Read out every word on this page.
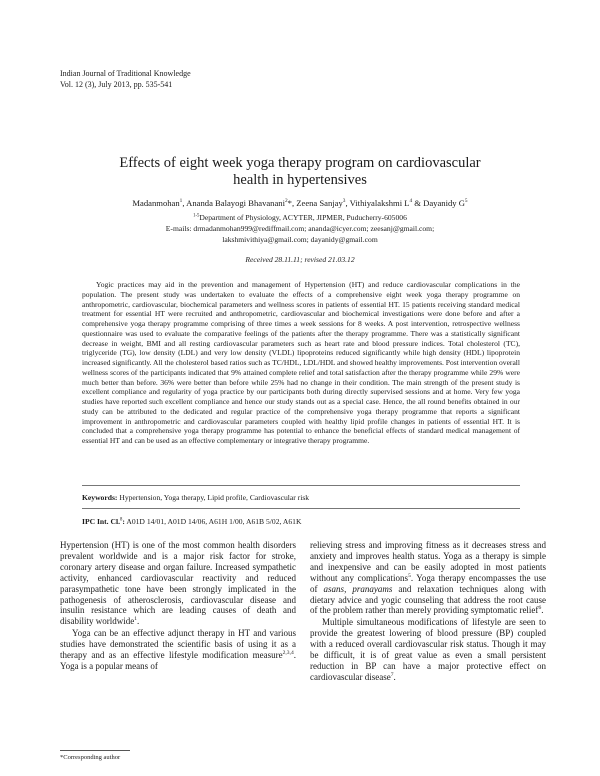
Indian Journal of Traditional Knowledge
Vol. 12 (3), July 2013, pp. 535-541
Effects of eight week yoga therapy program on cardiovascular
health in hypertensives
Madanmohan$^1$, Ananda Balayogi Bhavanani$^2$*, Zeena Sanjay$^3$, Vithiyalakshmi $L^4$ & Dayanidy $G^5$
$^{1-5}$Department of Physiology, ACYTER, JIPMER, Puducherry-605006
E-mails: drmadanmohan999@rediffmail.com; ananda@icyer.com; zeesanj@gmail.com;
lakshmivithiya@gmail.com; dayanidy@gmail.com
Received 28.11.11; revised 21.03.12
Yogic practices may aid in the prevention and management of Hypertension (HT) and reduce cardiovascular complications in the population. The present study was undertaken to evaluate the effects of a comprehensive eight week yoga therapy programme on anthropometric, cardiovascular, biochemical parameters and wellness scores in patients of essential HT. 15 patients receiving standard medical treatment for essential HT were recruited and anthropometric, cardiovascular and biochemical investigations were done before and after a comprehensive yoga therapy programme comprising of three times a week sessions for 8 weeks. A post intervention, retrospective wellness questionnaire was used to evaluate the comparative feelings of the patients after the therapy programme. There was a statistically significant decrease in weight, BMI and all resting cardiovascular parameters such as heart rate and blood pressure indices. Total cholesterol (TC), triglyceride (TG), low density (LDL) and very low density (VLDL) lipoproteins reduced significantly while high density (HDL) lipoprotein increased significantly. All the cholesterol based ratios such as TC/HDL, LDL/HDL and showed healthy improvements. Post intervention overall wellness scores of the participants indicated that 9% attained complete relief and total satisfaction after the therapy programme while 29% were much better than before. 36% were better than before while 25% had no change in their condition. The main strength of the present study is excellent compliance and regularity of yoga practice by our participants both during directly supervised sessions and at home. Very few yoga studies have reported such excellent compliance and hence our study stands out as a special case. Hence, the all round benefits obtained in our study can be attributed to the dedicated and regular practice of the comprehensive yoga therapy programme that reports a significant improvement in anthropometric and cardiovascular parameters coupled with healthy lipid profile changes in patients of essential HT. It is concluded that a comprehensive yoga therapy programme has potential to enhance the beneficial effects of standard medical management of essential HT and can be used as an effective complementary or integrative therapy programme.
Keywords: Hypertension, Yoga therapy, Lipid profile, Cardiovascular risk
IPC Int. Cl.$^8$: A01D 14/01, A01D 14/06, A61H 1/00, A61B 5/02, A61K

Hypertension (HT) is one of the most common health disorders prevalent worldwide and is a major risk factor for stroke, coronary artery disease and organ failure. Increased sympathetic activity, enhanced cardiovascular reactivity and reduced parasympathetic tone have been strongly implicated in the pathogenesis of atherosclerosis, cardiovascular disease and insulin resistance which are leading causes of death and disability worldwide$^1$.

Yoga can be an effective adjunct therapy in HT and various studies have demonstrated the scientific basis of using it as a therapy and as an effective lifestyle modification measure$^{2,3,4}$. Yoga is a popular means of

relieving stress and improving fitness as it decreases stress and anxiety and improves health status. Yoga as a therapy is simple and inexpensive and can be easily adopted in most patients without any complications$^5$. Yoga therapy encompasses the use of asans, pranayams and relaxation techniques along with dietary advice and yogic counseling that address the root cause of the problem rather than merely providing symptomatic relief$^6$.

Multiple simultaneous modifications of lifestyle are seen to provide the greatest lowering of blood pressure (BP) coupled with a reduced overall cardiovascular risk status. Though it may be difficult, it is of great value as even a small persistent reduction in BP can have a major protective effect on cardiovascular disease$^7$.

*Corresponding author
